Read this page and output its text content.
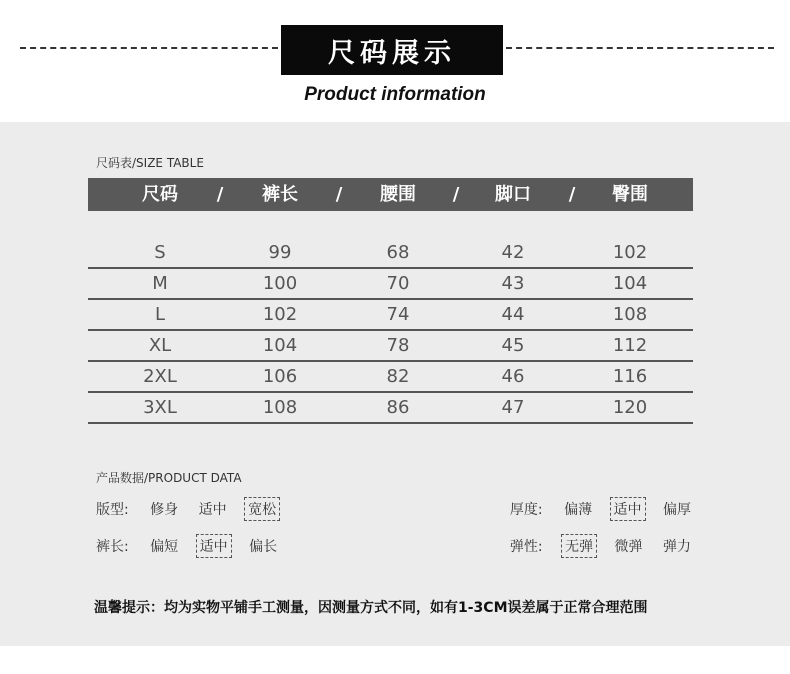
尺码展示
Product information
尺码表/SIZE TABLE
尺码	/	裤长	/	腰围	/	脚口	/	臀围
S	99	68	42	102
M	100	70	43	104
L	102	74	44	108
XL	104	78	45	112
2XL	106	82	46	116
3XL	108	86	47	120
产品数据/PRODUCT DATA
版型: 修身 适中 宽松
裤长: 偏短 适中 偏长
厚度: 偏薄 适中 偏厚
弹性: 无弹 微弹 弹力
温馨提示：均为实物平铺手工测量，因测量方式不同，如有1-3CM误差属于正常合理范围
